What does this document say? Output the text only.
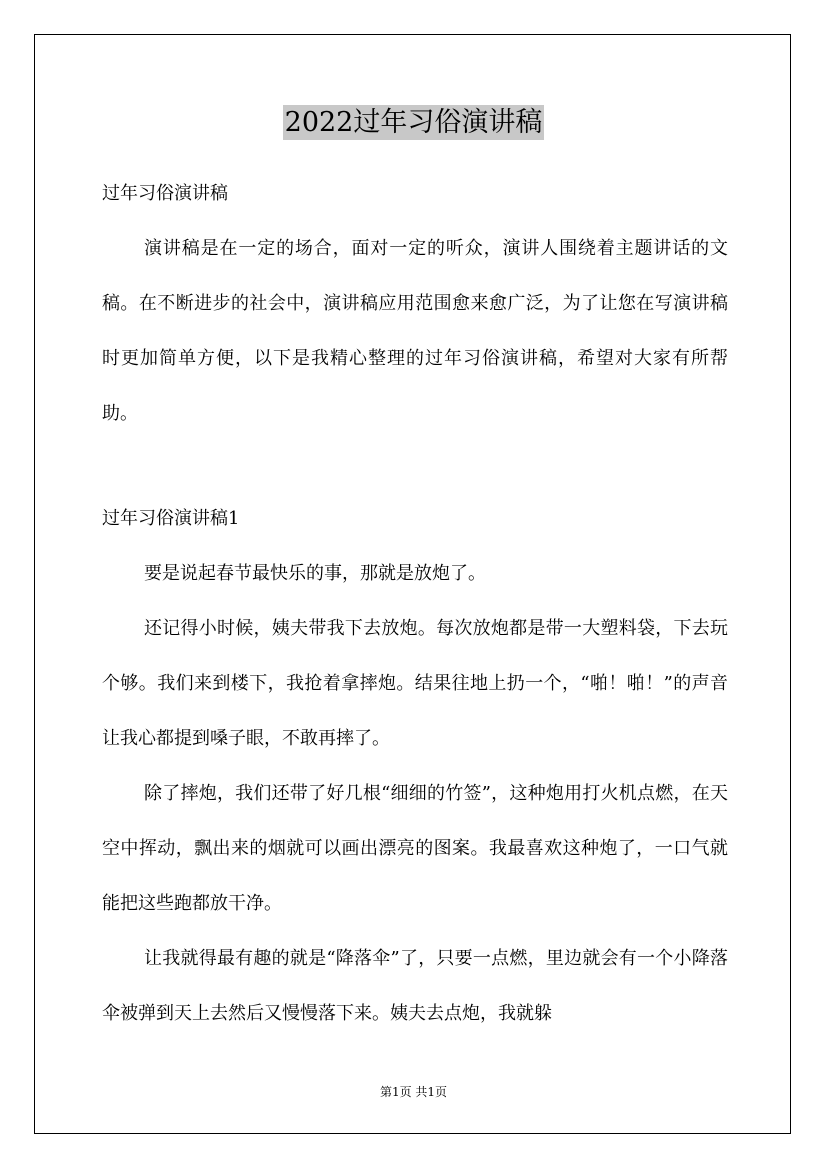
2022过年习俗演讲稿

过年习俗演讲稿

演讲稿是在一定的场合，面对一定的听众，演讲人围绕着主题讲话的文稿。在不断进步的社会中，演讲稿应用范围愈来愈广泛，为了让您在写演讲稿时更加简单方便，以下是我精心整理的过年习俗演讲稿，希望对大家有所帮助。

过年习俗演讲稿1

要是说起春节最快乐的事，那就是放炮了。

还记得小时候，姨夫带我下去放炮。每次放炮都是带一大塑料袋，下去玩个够。我们来到楼下，我抢着拿摔炮。结果往地上扔一个，“啪！啪！”的声音让我心都提到嗓子眼，不敢再摔了。

除了摔炮，我们还带了好几根“细细的竹签”，这种炮用打火机点燃，在天空中挥动，飘出来的烟就可以画出漂亮的图案。我最喜欢这种炮了，一口气就能把这些跑都放干净。

让我就得最有趣的就是“降落伞”了，只要一点燃，里边就会有一个小降落伞被弹到天上去然后又慢慢落下来。姨夫去点炮，我就躲

第1页 共1页
